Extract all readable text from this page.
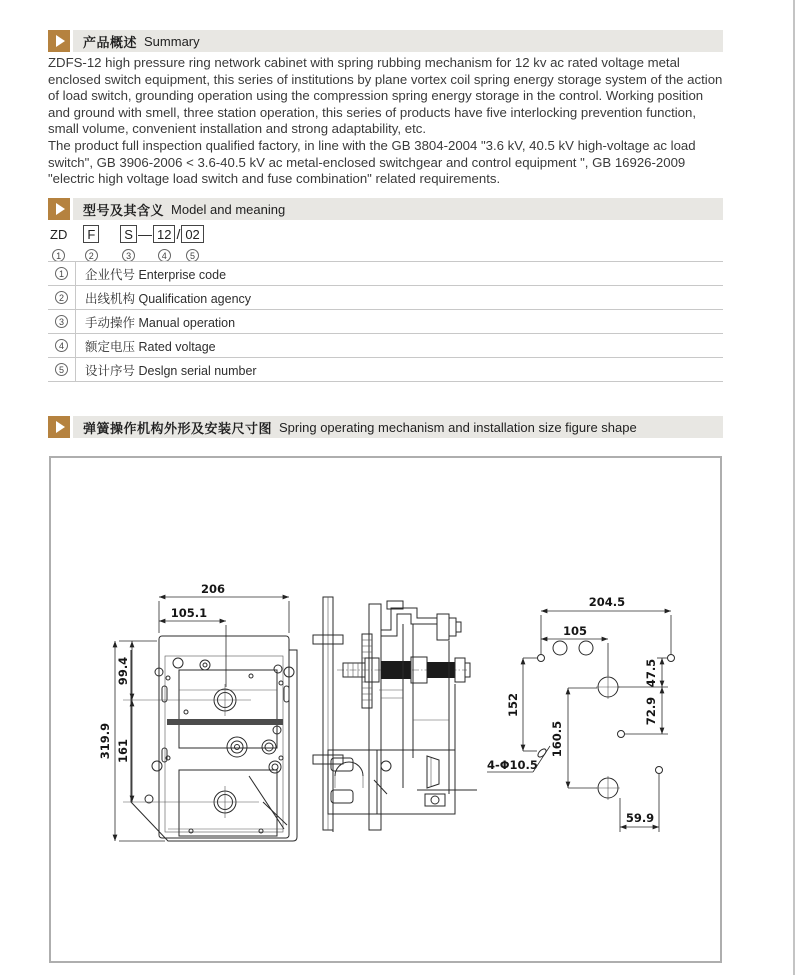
产品概述 Summary

ZDFS-12 high pressure ring network cabinet with spring rubbing mechanism for 12 kv ac rated voltage metal enclosed switch equipment, this series of institutions by plane vortex coil spring energy storage system of the action of load switch, grounding operation using the compression spring energy storage in the control. Working position and ground with smell, three station operation, this series of products have five interlocking prevention function, small volume, convenient installation and strong adaptability, etc.

The product full inspection qualified factory, in line with the GB 3804-2004 "3.6 kV, 40.5 kV high-voltage ac load switch", GB 3906-2006 < 3.6-40.5 kV ac metal-enclosed switchgear and control equipment ", GB 16926-2009 "electric high voltage load switch and fuse combination" related requirements.

型号及其含义 Model and meaning
ZD
1
F
2
S
3
— 12
4
/ 02
5
1	企业代号 Enterprise code
2	出线机构 Qualification agency
3	手动操作 Manual operation
4	额定电压 Rated voltage
5	设计序号 Deslgn serial number
弹簧操作机构外形及安装尺寸图 Spring operating mechanism and installation size figure shape
206
105.1
319.9
99.4
161
204.5
105
152
160.5
47.5
72.9
59.9
4-Φ10.5
